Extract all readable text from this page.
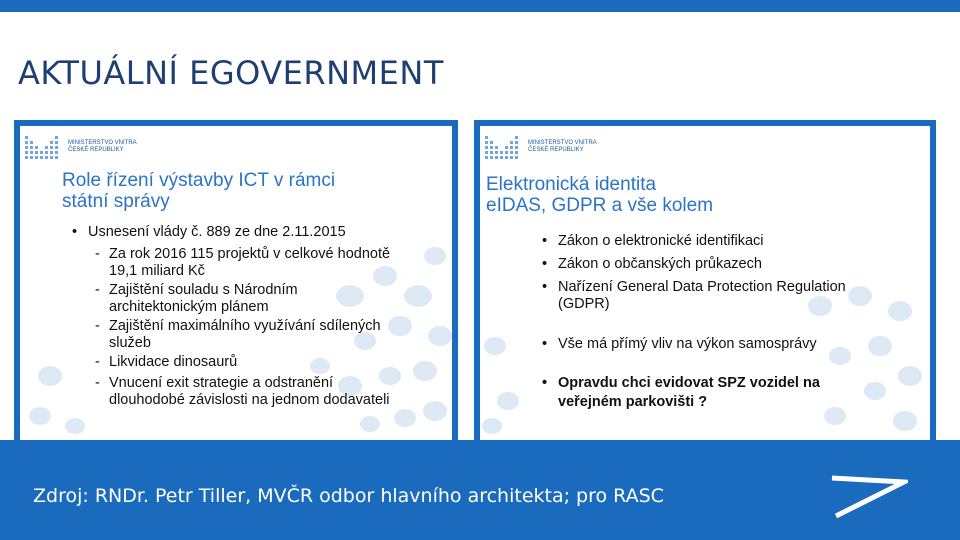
AKTUÁLNÍ EGOVERNMENT
MINISTERSTVO VNITRA
ČESKÉ REPUBLIKY
Role řízení výstavby ICT v rámci
státní správy
• Usnesení vlády č. 889 ze dne 2.11.2015
- Za rok 2016 115 projektů v celkové hodnotě
19,1 miliard Kč
- Zajištění souladu s Národním
architektonickým plánem
- Zajištění maximálního využívání sdílených
služeb
- Likvidace dinosaurů
- Vnucení exit strategie a odstranění
dlouhodobé závislosti na jednom dodavateli
MINISTERSTVO VNITRA
ČESKÉ REPUBLIKY
Elektronická identita
eIDAS, GDPR a vše kolem
• Zákon o elektronické identifikaci
• Zákon o občanských průkazech
• Nařízení General Data Protection Regulation
(GDPR)
• Vše má přímý vliv na výkon samosprávy
• Opravdu chci evidovat SPZ vozidel na
veřejném parkovišti ?
Zdroj: RNDr. Petr Tiller, MVČR odbor hlavního architekta; pro RASC
